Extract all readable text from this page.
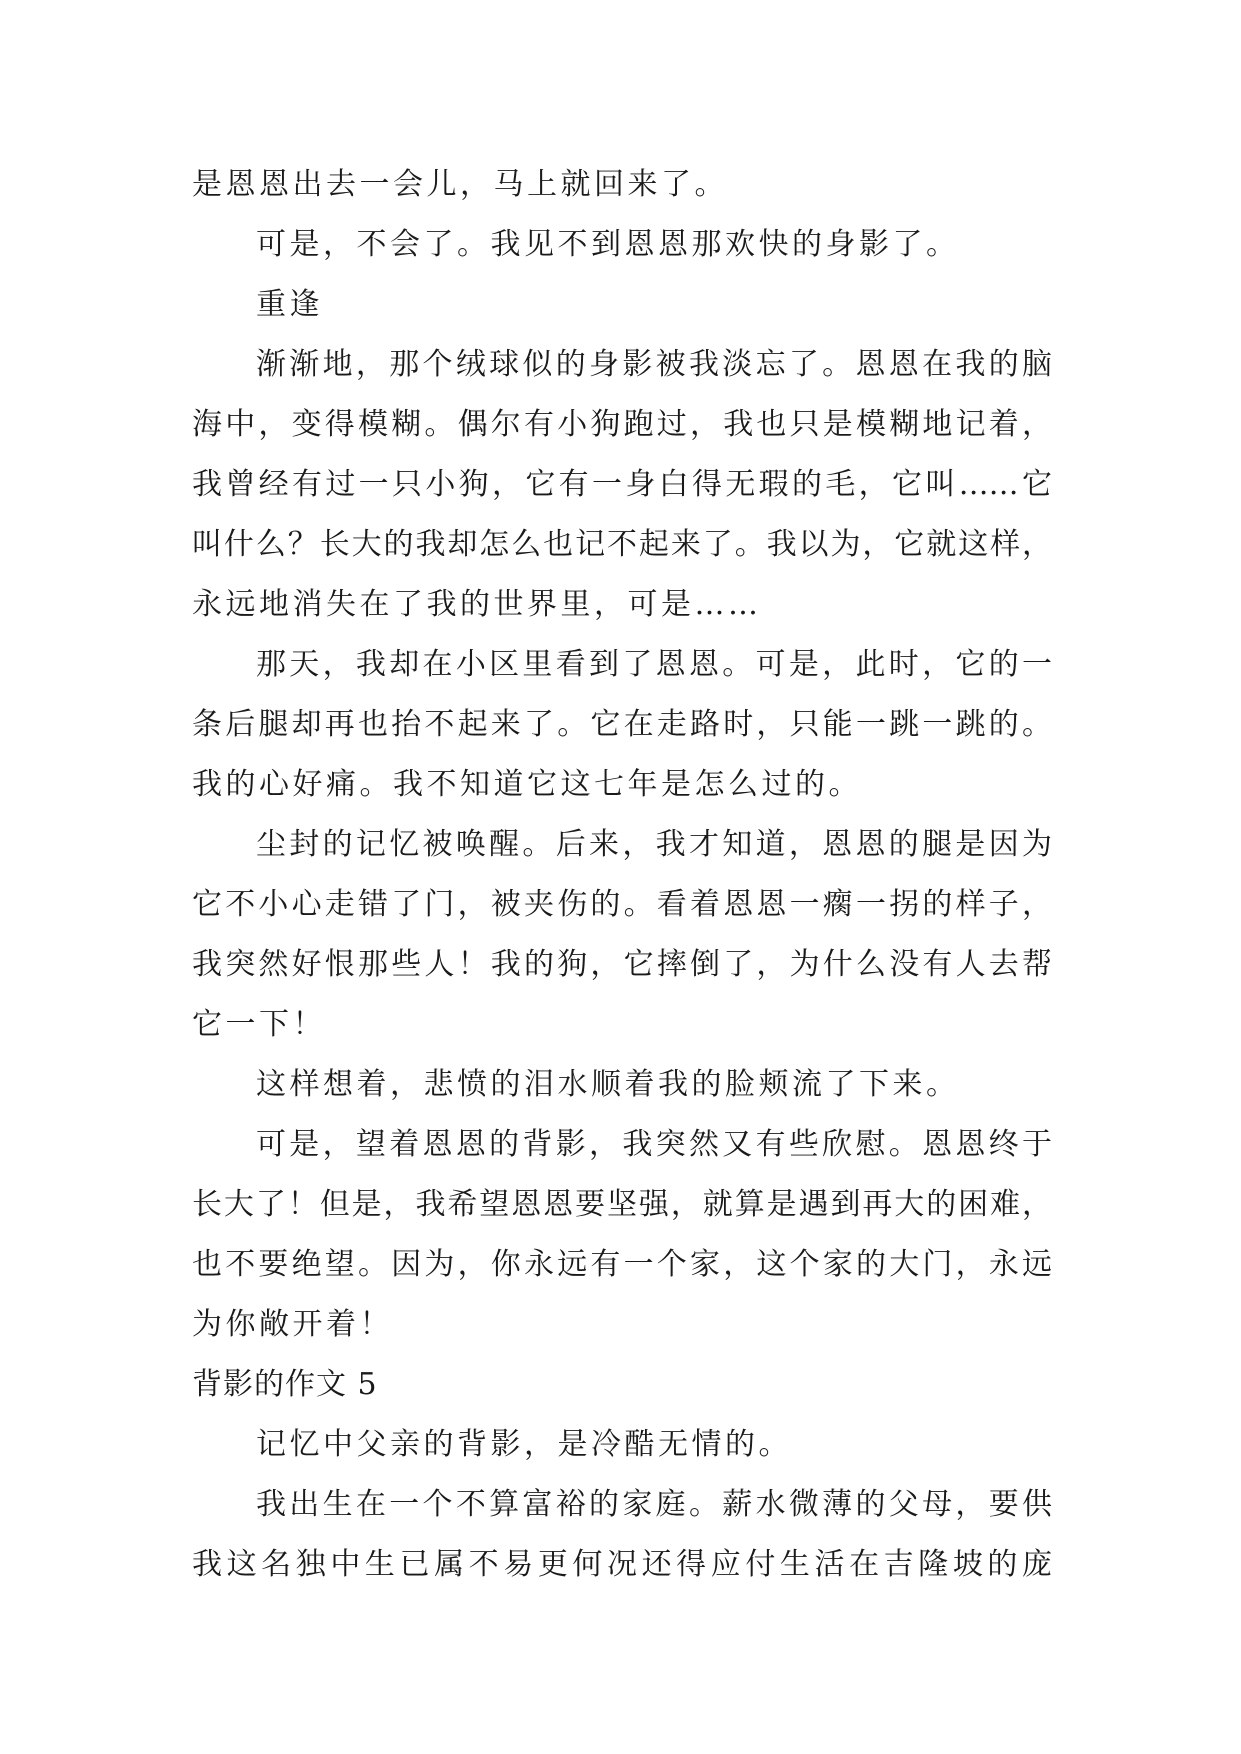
是恩恩出去一会儿，马上就回来了。
可是，不会了。我见不到恩恩那欢快的身影了。
重逢
渐渐地，那个绒球似的身影被我淡忘了。恩恩在我的脑
海中，变得模糊。偶尔有小狗跑过，我也只是模糊地记着，
我曾经有过一只小狗，它有一身白得无瑕的毛，它叫……它
叫什么？长大的我却怎么也记不起来了。我以为，它就这样，
永远地消失在了我的世界里，可是……
那天，我却在小区里看到了恩恩。可是，此时，它的一
条后腿却再也抬不起来了。它在走路时，只能一跳一跳的。
我的心好痛。我不知道它这七年是怎么过的。
尘封的记忆被唤醒。后来，我才知道，恩恩的腿是因为
它不小心走错了门，被夹伤的。看着恩恩一瘸一拐的样子，
我突然好恨那些人！我的狗，它摔倒了，为什么没有人去帮
它一下！
这样想着，悲愤的泪水顺着我的脸颊流了下来。
可是，望着恩恩的背影，我突然又有些欣慰。恩恩终于
长大了！但是，我希望恩恩要坚强，就算是遇到再大的困难，
也不要绝望。因为，你永远有一个家，这个家的大门，永远
为你敞开着！
背影的作文 5
记忆中父亲的背影，是冷酷无情的。
我出生在一个不算富裕的家庭。薪水微薄的父母，要供
我这名独中生已属不易更何况还得应付生活在吉隆坡的庞
